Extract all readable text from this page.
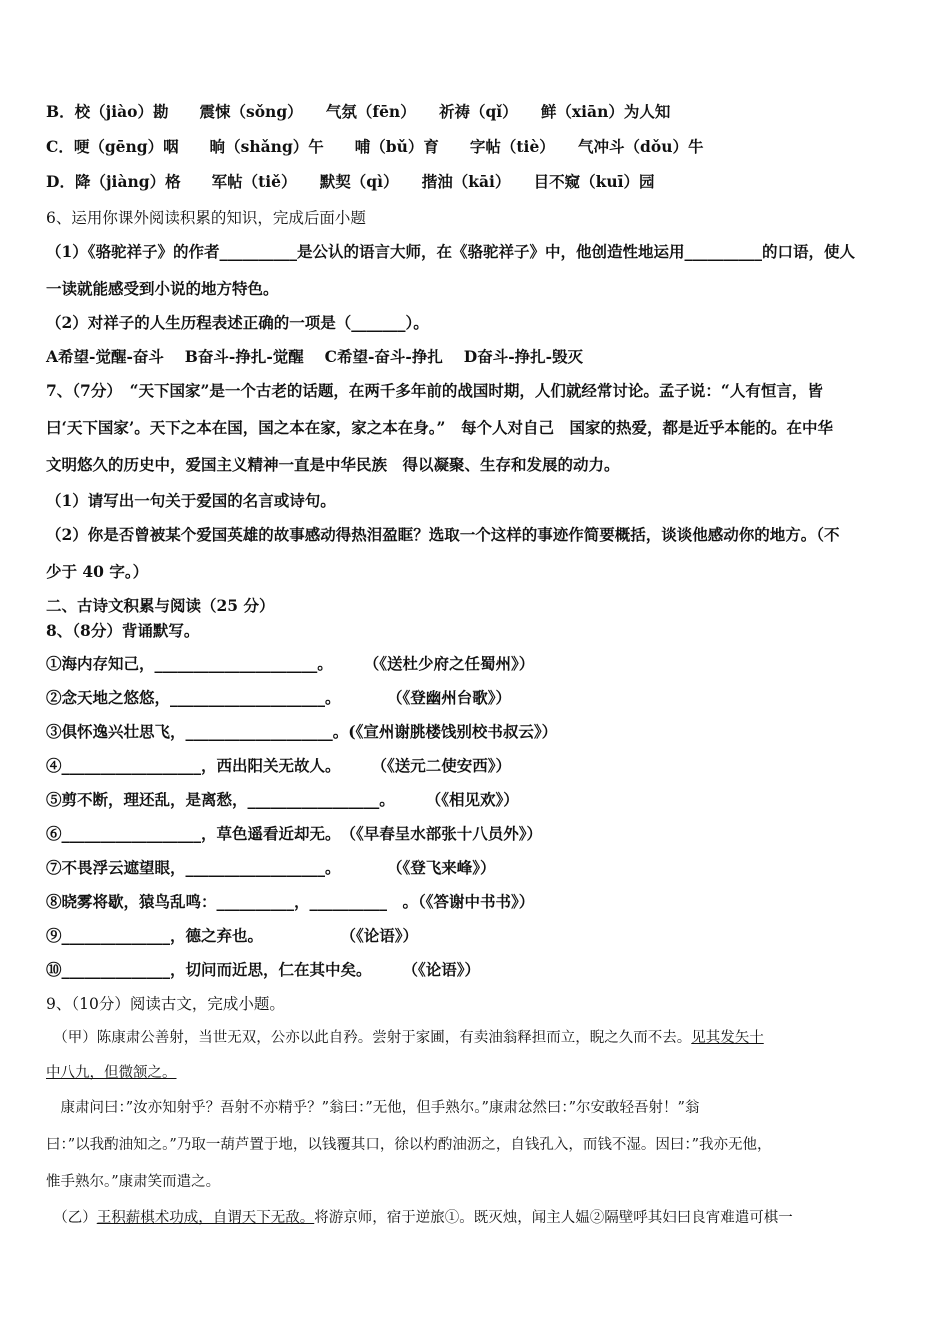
B．校（jiào）勘　　震悚（sǒng）　　气氛（fēn）　　祈祷（qǐ）　　鲜（xiān）为人知
C．哽（gēng）咽　　晌（shǎng）午　　哺（bǔ）育　　字帖（tiè）　　气冲斗（dǒu）牛
D．降（jiàng）格　　军帖（tiě）　　默契（qì）　　揩油（kāi）　　目不窥（kuī）园
6、运用你课外阅读积累的知识，完成后面小题
（1）《骆驼祥子》的作者__________是公认的语言大师，在《骆驼祥子》中，他创造性地运用__________的口语，使人
一读就能感受到小说的地方特色。
（2）对祥子的人生历程表述正确的一项是（_______）。
A希望-觉醒-奋斗　 B奋斗-挣扎-觉醒　 C希望-奋斗-挣扎　 D奋斗-挣扎-毁灭
7、（7分）　“天下国家”是一个古老的话题，在两千多年前的战国时期，人们就经常讨论。孟子说：“人有恒言，皆
曰‘天下国家’。天下之本在国，国之本在家，家之本在身。”　每个人对自己　国家的热爱，都是近乎本能的。在中华
文明悠久的历史中，爱国主义精神一直是中华民族　得以凝聚、生存和发展的动力。
（1）请写出一句关于爱国的名言或诗句。
（2）你是否曾被某个爱国英雄的故事感动得热泪盈眶？选取一个这样的事迹作简要概括，谈谈他感动你的地方。（不
少于 40 字。）
二、古诗文积累与阅读（25 分）
8、（8分）背诵默写。
①海内存知己，_____________________。　　　（《送杜少府之任蜀州》）
②念天地之悠悠，____________________。　　　　（《登幽州台歌》）
③俱怀逸兴壮思飞，___________________。(《宣州谢朓楼饯别校书叔云》）
④__________________，西出阳关无故人。　　　（《送元二使安西》）
⑤剪不断，理还乱，是离愁，_________________。　　　（《相见欢》）
⑥__________________，草色遥看近却无。　（《早春呈水部张十八员外》）
⑦不畏浮云遮望眼，__________________。　　　　（《登飞来峰》）
⑧晓雾将歇，猿鸟乱鸣：__________，__________　。（《答谢中书书》）
⑨______________，德之弃也。　　　　　　（《论语》）
⑩______________，切问而近思，仁在其中矣。　　　（《论语》）
9、（10分）阅读古文，完成小题。
　（甲）陈康肃公善射，当世无双，公亦以此自矜。尝射于家圃，有卖油翁释担而立，睨之久而不去。见其发矢十
中八九，但微颔之。
　康肃问曰：”汝亦知射乎？吾射不亦精乎？”翁曰：”无他，但手熟尔。”康肃忿然曰：”尔安敢轻吾射！”翁
曰：”以我酌油知之。”乃取一葫芦置于地，以钱覆其口，徐以杓酌油沥之，自钱孔入，而钱不湿。因曰：”我亦无他，
惟手熟尔。”康肃笑而遣之。
　（乙）王积薪棋术功成，自谓天下无敌。将游京师，宿于逆旅①。既灭烛，闻主人媪②隔壁呼其妇曰良宵难遣可棋一
